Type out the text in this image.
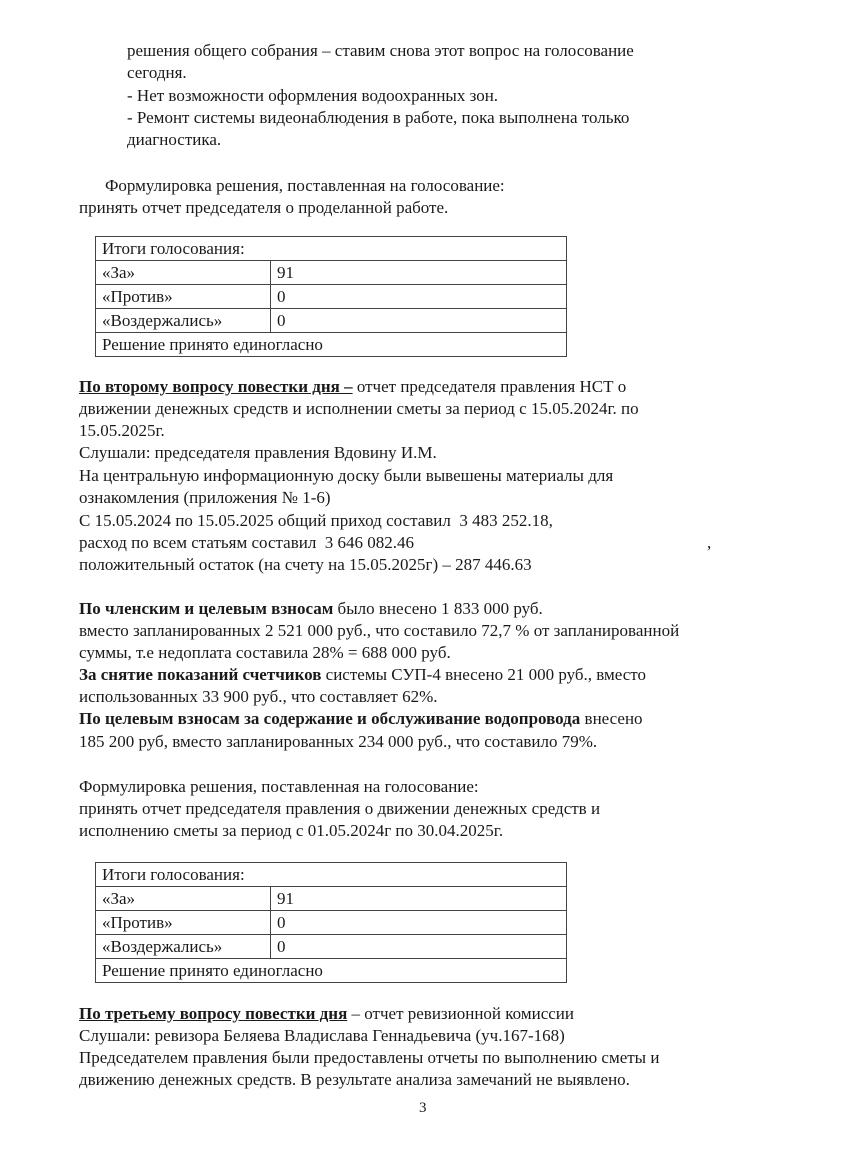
решения общего собрания – ставим снова этот вопрос на голосование
сегодня.
- Нет возможности оформления водоохранных зон.
- Ремонт системы видеонаблюдения в работе, пока выполнена только
диагностика.
Формулировка решения, поставленная на голосование:
принять отчет председателя о проделанной работе.
Итоги голосования:	
«За»	91
«Против»	0
«Воздержались»	0
Решение принято единогласно	
По второму вопросу повестки дня – отчет председателя правления НСТ о
движении денежных средств и исполнении сметы за период с 15.05.2024г. по
15.05.2025г.
Слушали: председателя правления Вдовину И.М.
На центральную информационную доску были вывешены материалы для
ознакомления (приложения № 1-6)
С 15.05.2024 по 15.05.2025 общий приход составил  3 483 252.18,
расход по всем статьям составил  3 646 082.46	,
положительный остаток (на счету на 15.05.2025г) – 287 446.63
По членским и целевым взносам было внесено 1 833 000 руб.
вместо запланированных 2 521 000 руб., что составило 72,7 % от запланированной
суммы, т.е недоплата составила 28% = 688 000 руб.
За снятие показаний счетчиков системы СУП-4 внесено 21 000 руб., вместо
использованных 33 900 руб., что составляет 62%.
По целевым взносам за содержание и обслуживание водопровода внесено
185 200 руб, вместо запланированных 234 000 руб., что составило 79%.
Формулировка решения, поставленная на голосование:
принять отчет председателя правления о движении денежных средств и
исполнению сметы за период с 01.05.2024г по 30.04.2025г.
Итоги голосования:	
«За»	91
«Против»	0
«Воздержались»	0
Решение принято единогласно	
По третьему вопросу повестки дня – отчет ревизионной комиссии
Слушали: ревизора Беляева Владислава Геннадьевича (уч.167-168)
Председателем правления были предоставлены отчеты по выполнению сметы и
движению денежных средств. В результате анализа замечаний не выявлено.
3
